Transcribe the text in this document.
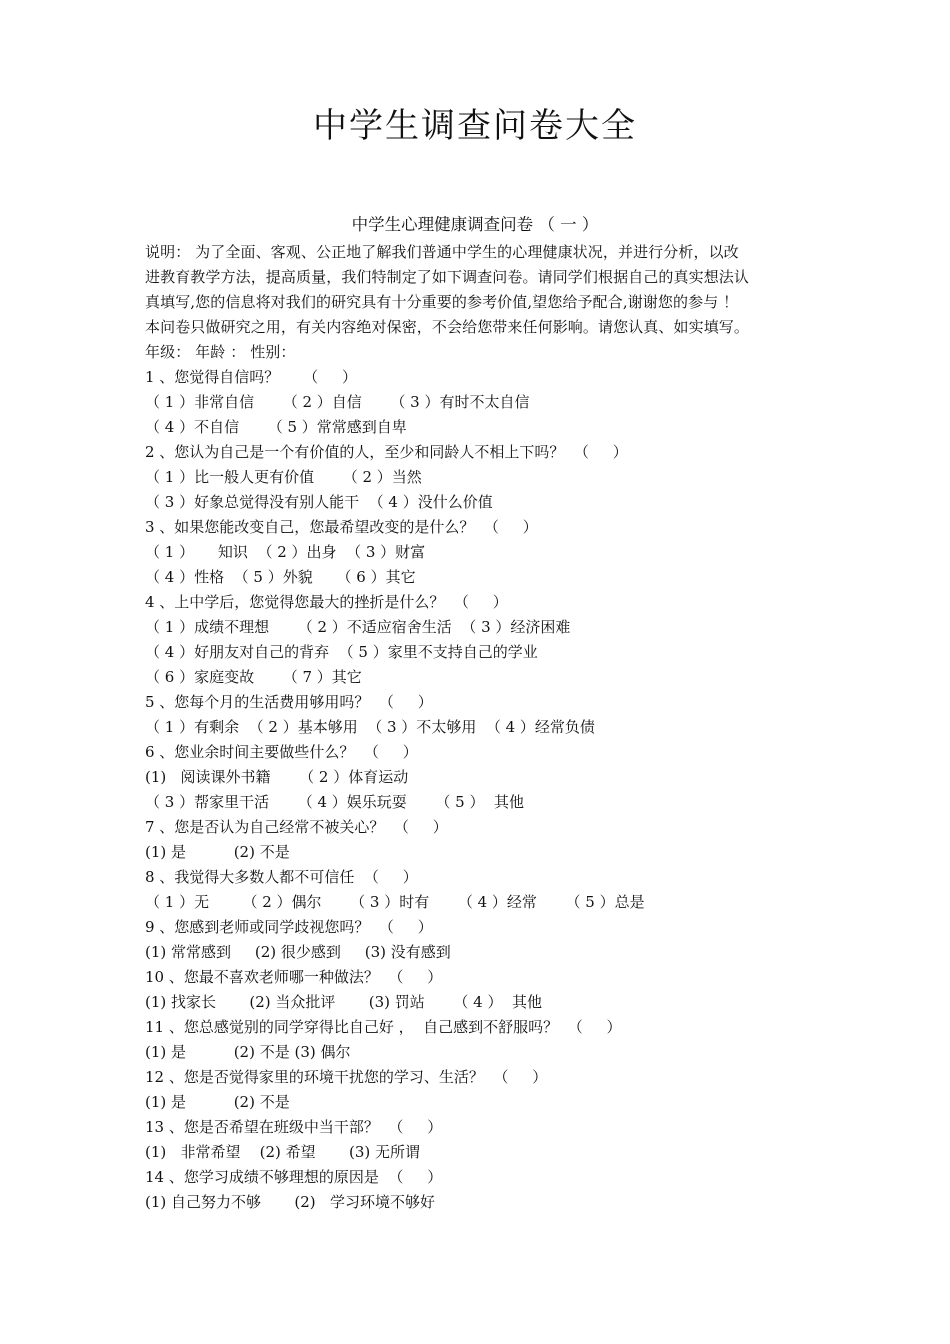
中学生调查问卷大全
中学生心理健康调查问卷 （ 一 ）
说明： 为了全面、客观、公正地了解我们普通中学生的心理健康状况，并进行分析，以改
进教育教学方法，提高质量，我们特制定了如下调查问卷。请同学们根据自己的真实想法认
真填写,您的信息将对我们的研究具有十分重要的参考价值,望您给予配合,谢谢您的参与 ！
本问卷只做研究之用，有关内容绝对保密，不会给您带来任何影响。请您认真、如实填写。
年级： 年龄 ： 性别：
1 、您觉得自信吗？     （     ）
（ 1 ）非常自信      （ 2 ）自信      （ 3 ）有时不太自信
（ 4 ）不自信      （ 5 ）常常感到自卑
2 、您认为自己是一个有价值的人，至少和同龄人不相上下吗？  （     ）
（ 1 ）比一般人更有价值      （ 2 ）当然
（ 3 ）好象总觉得没有别人能干  （ 4 ）没什么价值
3 、如果您能改变自己，您最希望改变的是什么？  （     ）
（ 1 ）     知识  （ 2 ）出身  （ 3 ）财富
（ 4 ）性格  （ 5 ）外貌     （ 6 ）其它
4 、上中学后，您觉得您最大的挫折是什么？  （     ）
（ 1 ）成绩不理想      （ 2 ）不适应宿舍生活  （ 3 ）经济困难
（ 4 ）好朋友对自己的背弃  （ 5 ）家里不支持自己的学业
（ 6 ）家庭变故      （ 7 ）其它
5 、您每个月的生活费用够用吗？  （     ）
（ 1 ）有剩余  （ 2 ）基本够用  （ 3 ）不太够用  （ 4 ）经常负债
6 、您业余时间主要做些什么？  （     ）
(1)   阅读课外书籍      （ 2 ）体育运动
（ 3 ）帮家里干活      （ 4 ）娱乐玩耍      （ 5 ）  其他
7 、您是否认为自己经常不被关心？  （     ）
(1) 是          (2) 不是
8 、我觉得大多数人都不可信任  （     ）
（ 1 ）无       （ 2 ）偶尔      （ 3 ）时有      （ 4 ）经常      （ 5 ）总是
9 、您感到老师或同学歧视您吗？  （     ）
(1) 常常感到     (2) 很少感到     (3) 没有感到
10 、您最不喜欢老师哪一种做法？  （     ）
(1) 找家长       (2) 当众批评       (3) 罚站      （ 4 ）  其他
11 、您总感觉别的同学穿得比自己好 ，  自己感到不舒服吗？  （     ）
(1) 是          (2) 不是 (3) 偶尔
12 、您是否觉得家里的环境干扰您的学习、生活？  （     ）
(1) 是          (2) 不是
13 、您是否希望在班级中当干部？  （     ）
(1)   非常希望    (2) 希望       (3) 无所谓
14 、您学习成绩不够理想的原因是  （     ）
(1) 自己努力不够       (2)   学习环境不够好
